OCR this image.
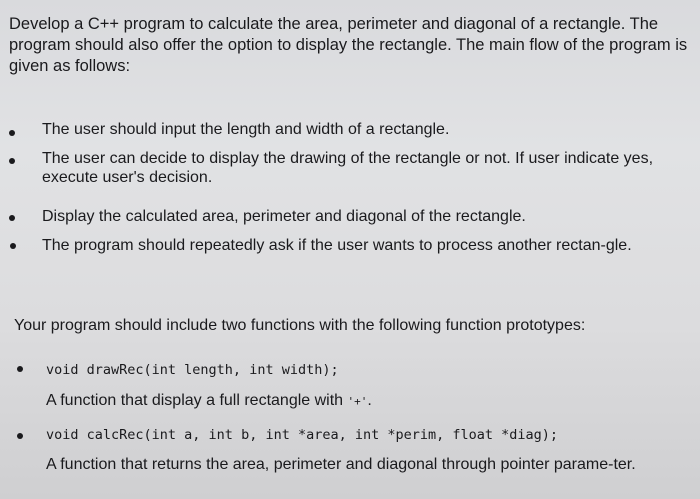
Develop a C++ program to calculate the area, perimeter and diagonal of a rectangle. The program should also offer the option to display the rectangle. The main flow of the program is given as follows:

The user should input the length and width of a rectangle.

The user can decide to display the drawing of the rectangle or not. If user indicate yes, execute user's decision.

Display the calculated area, perimeter and diagonal of the rectangle.

The program should repeatedly ask if the user wants to process another rectan-gle.

Your program should include two functions with the following function prototypes:

void drawRec(int length, int width);

A function that display a full rectangle with '+'.

void calcRec(int a, int b, int *area, int *perim, float *diag);

A function that returns the area, perimeter and diagonal through pointer parame-ter.
